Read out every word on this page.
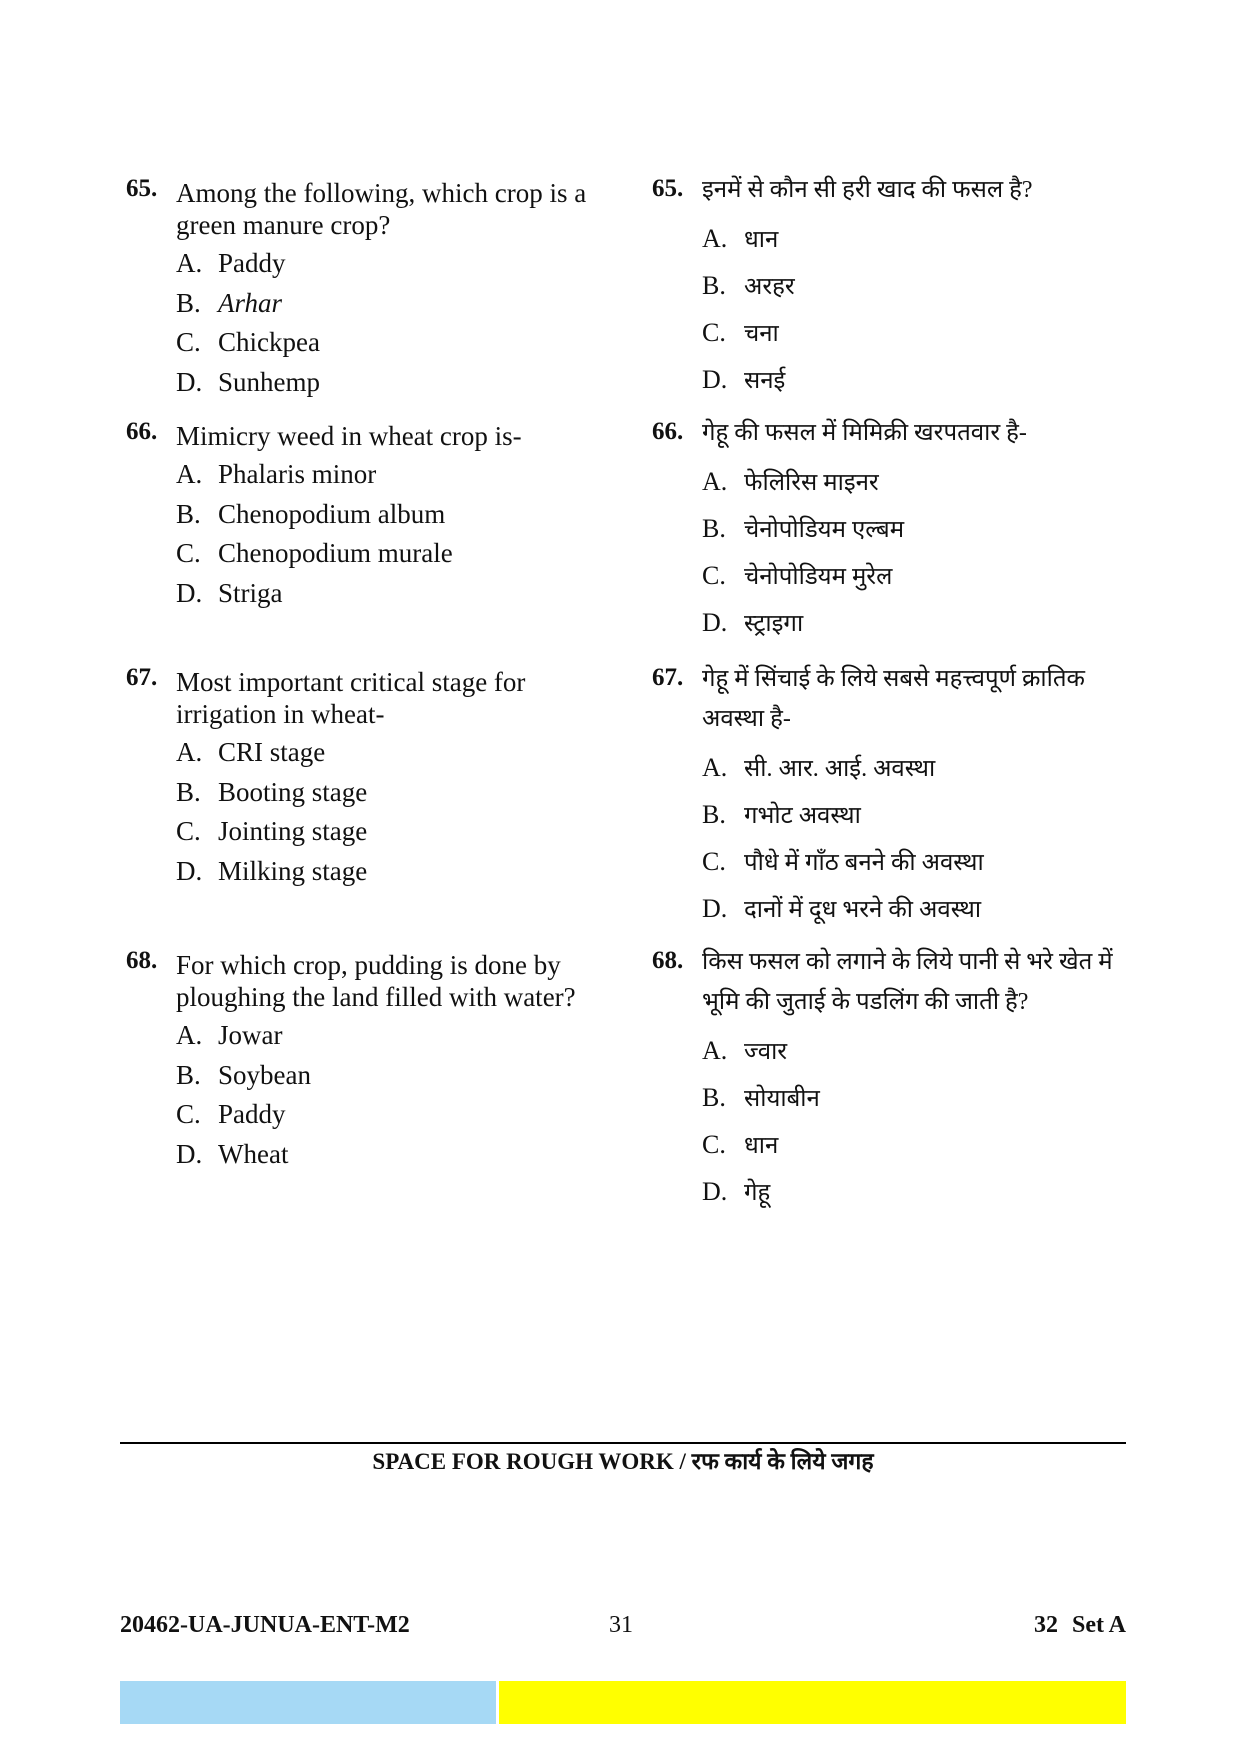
65. Among the following, which crop is a
green manure crop?
A. Paddy
B. Arhar
C. Chickpea
D. Sunhemp
65. इनमें से कौन सी हरी खाद की फसल है?
A. धान
B. अरहर
C. चना
D. सनई
66. Mimicry weed in wheat crop is-
A. Phalaris minor
B. Chenopodium album
C. Chenopodium murale
D. Striga
66. गेहू की फसल में मिमिक्री खरपतवार है-
A. फेलिरिस माइनर
B. चेनोपोडियम एल्बम
C. चेनोपोडियम मुरेल
D. स्ट्राइगा
67. Most important critical stage for
irrigation in wheat-
A. CRI stage
B. Booting stage
C. Jointing stage
D. Milking stage
67. गेहू में सिंचाई के लिये सबसे महत्त्वपूर्ण क्रातिक
अवस्था है-
A. सी. आर. आई. अवस्था
B. गभोट अवस्था
C. पौधे में गाँठ बनने की अवस्था
D. दानों में दूध भरने की अवस्था
68. For which crop, pudding is done by
ploughing the land filled with water?
A. Jowar
B. Soybean
C. Paddy
D. Wheat
68. किस फसल को लगाने के लिये पानी से भरे खेत में
भूमि की जुताई के पडलिंग की जाती है?
A. ज्वार
B. सोयाबीन
C. धान
D. गेहू
SPACE FOR ROUGH WORK / रफ कार्य के लिये जगह
20462-UA-JUNUA-ENT-M2	31	32 Set A
